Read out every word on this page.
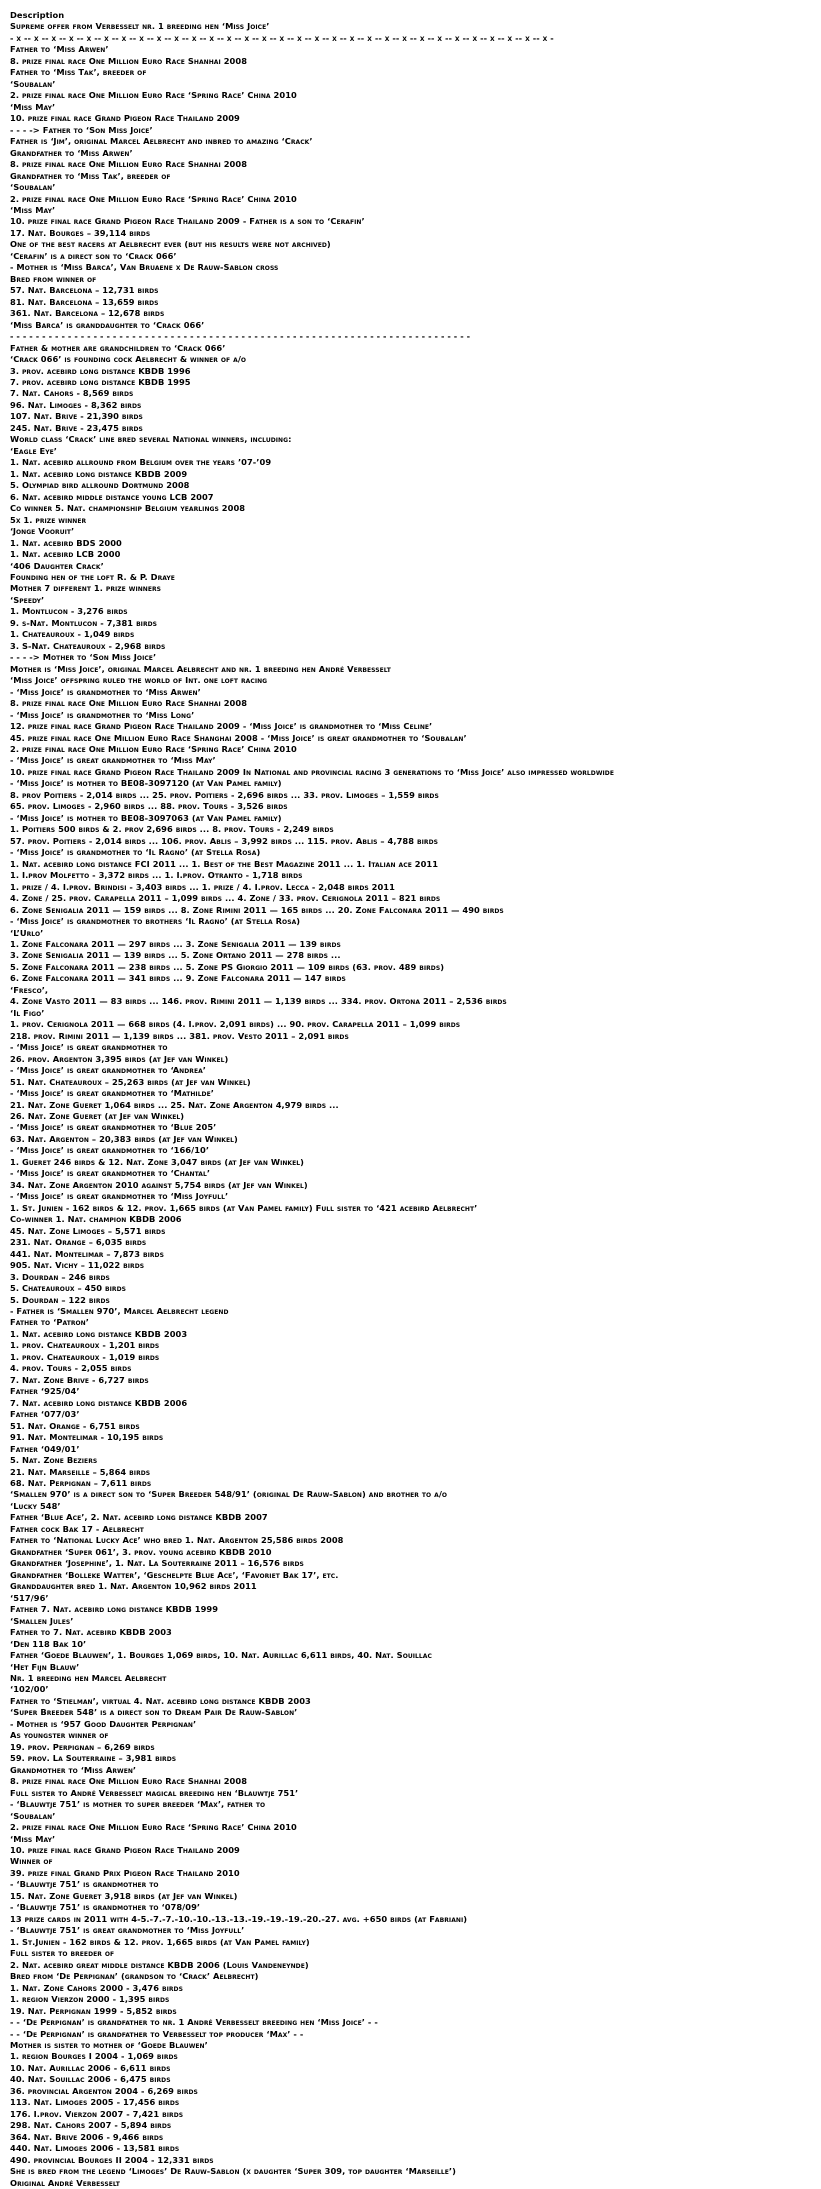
Description
Supreme offer from Verbesselt nr. 1 breeding hen ‘Miss Joice’
- x -- x -- x -- x -- x -- x -- x -- x -- x -- x -- x -- x -- x -- x -- x -- x -- x -- x -- x -- x -- x -- x -- x -- x -- x -- x -- x -- x -- x -- x -- x -
Father to ‘Miss Arwen’
8. prize final race One Million Euro Race Shanhai 2008
Father to ‘Miss Tak’, breeder of
‘Soubalan’
2. prize final race One Million Euro Race ‘Spring Race’ China 2010
‘Miss May’
10. prize final race Grand Pigeon Race Thailand 2009
- - - -> Father to ‘Son Miss Joice’
Father is ‘Jim’, original Marcel Aelbrecht and inbred to amazing ‘Crack’
Grandfather to ‘Miss Arwen’
8. prize final race One Million Euro Race Shanhai 2008
Grandfather to ‘Miss Tak’, breeder of
‘Soubalan’
2. prize final race One Million Euro Race ‘Spring Race’ China 2010
‘Miss May’
10. prize final race Grand Pigeon Race Thailand 2009 - Father is a son to ‘Cerafin’
17. Nat. Bourges – 39,114 birds
One of the best racers at Aelbrecht ever (but his results were not archived)
‘Cerafin’ is a direct son to ‘Crack 066’
- Mother is ‘Miss Barca’, Van Bruaene x De Rauw-Sablon cross
Bred from winner of
57. Nat. Barcelona – 12,731 birds
81. Nat. Barcelona – 13,659 birds
361. Nat. Barcelona – 12,678 birds
‘Miss Barca’ is granddaughter to ‘Crack 066’
- - - - - - - - - - - - - - - - - - - - - - - - - - - - - - - - - - - - - - - - - - - - - - - - - - - - - - - - - - - - - - - - - - - - - - - -
Father & mother are grandchildren to ‘Crack 066’
‘Crack 066’ is founding cock Aelbrecht & winner of a/o
3. prov. acebird long distance KBDB 1996
7. prov. acebird long distance KBDB 1995
7. Nat. Cahors - 8,569 birds
96. Nat. Limoges - 8,362 birds
107. Nat. Brive - 21,390 birds
245. Nat. Brive - 23,475 birds
World class ‘Crack’ line bred several National winners, including:
‘Eagle Eye’
1. Nat. acebird allround from Belgium over the years ’07-’09
1. Nat. acebird long distance KBDB 2009
5. Olympiad bird allround Dortmund 2008
6. Nat. acebird middle distance young LCB 2007
Co winner 5. Nat. championship Belgium yearlings 2008
5x 1. prize winner
‘Jonge Vooruit’
1. Nat. acebird BDS 2000
1. Nat. acebird LCB 2000
‘406 Daughter Crack’
Founding hen of the loft R. & P. Draye
Mother 7 different 1. prize winners
‘Speedy’
1. Montlucon - 3,276 birds
9. s-Nat. Montlucon - 7,381 birds
1. Chateauroux - 1,049 birds
3. S-Nat. Chateauroux - 2,968 birds
- - - -> Mother to ‘Son Miss Joice’
Mother is ‘Miss Joice’, original Marcel Aelbrecht and nr. 1 breeding hen André Verbesselt
‘Miss Joice’ offspring ruled the world of Int. one loft racing
- ‘Miss Joice’ is grandmother to ‘Miss Arwen’
8. prize final race One Million Euro Race Shanhai 2008
- ‘Miss Joice’ is grandmother to ‘Miss Long’
12. prize final race Grand Pigeon Race Thailand 2009 - ‘Miss Joice’ is grandmother to ‘Miss Celine’
45. prize final race One Million Euro Race Shanghai 2008 - ‘Miss Joice’ is great grandmother to ‘Soubalan’
2. prize final race One Million Euro Race ‘Spring Race’ China 2010
- ‘Miss Joice’ is great grandmother to ‘Miss May’
10. prize final race Grand Pigeon Race Thailand 2009 In National and provincial racing 3 generations to ‘Miss Joice’ also impressed worldwide
- ‘Miss Joice’ is mother to BE08-3097120 (at Van Pamel family)
8. prov Poitiers - 2,014 birds ... 25. prov. Poitiers - 2,696 birds ... 33. prov. Limoges – 1,559 birds
65. prov. Limoges - 2,960 birds ... 88. prov. Tours - 3,526 birds
- ‘Miss Joice’ is mother to BE08-3097063 (at Van Pamel family)
1. Poitiers 500 birds & 2. prov 2,696 birds ... 8. prov. Tours - 2,249 birds
57. prov. Poitiers - 2,014 birds ... 106. prov. Ablis – 3,992 birds ... 115. prov. Ablis – 4,788 birds
- ‘Miss Joice’ is grandmother to ‘Il Ragno’ (at Stella Rosa)
1. Nat. acebird long distance FCI 2011 ... 1. Best of the Best Magazine 2011 ... 1. Italian ace 2011
1. I.prov Molfetto - 3,372 birds ... 1. I.prov. Otranto - 1,718 birds
1. prize / 4. I.prov. Brindisi - 3,403 birds ... 1. prize / 4. I.prov. Lecca - 2,048 birds 2011
4. Zone / 25. prov. Carapella 2011 – 1,099 birds ... 4. Zone / 33. prov. Cerignola 2011 – 821 birds
6. Zone Senigalia 2011 — 159 birds ... 8. Zone Rimini 2011 — 165 birds ... 20. Zone Falconara 2011 — 490 birds
- ‘Miss Joice’ is grandmother to brothers ‘Il Ragno’ (at Stella Rosa)
‘L’Urlo’
1. Zone Falconara 2011 — 297 birds ... 3. Zone Senigalia 2011 — 139 birds
3. Zone Senigalia 2011 — 139 birds ... 5. Zone Ortano 2011 — 278 birds ...
5. Zone Falconara 2011 — 238 birds ... 5. Zone PS Giorgio 2011 — 109 birds (63. prov. 489 birds)
6. Zone Falconara 2011 — 341 birds ... 9. Zone Falconara 2011 — 147 birds
‘Fresco’,
4. Zone Vasto 2011 — 83 birds ... 146. prov. Rimini 2011 — 1,139 birds ... 334. prov. Ortona 2011 – 2,536 birds
‘Il Figo’
1. prov. Cerignola 2011 — 668 birds (4. I.prov. 2,091 birds) ... 90. prov. Carapella 2011 – 1,099 birds
218. prov. Rimini 2011 — 1,139 birds ... 381. prov. Vesto 2011 – 2,091 birds
- ‘Miss Joice’ is great grandmother to
26. prov. Argenton 3,395 birds (at Jef van Winkel)
- ‘Miss Joice’ is great grandmother to ‘Andrea’
51. Nat. Chateauroux – 25,263 birds (at Jef van Winkel)
- ‘Miss Joice’ is great grandmother to ‘Mathilde’
21. Nat. Zone Gueret 1,064 birds ... 25. Nat. Zone Argenton 4,979 birds ...
26. Nat. Zone Gueret (at Jef van Winkel)
- ‘Miss Joice’ is great grandmother to ‘Blue 205’
63. Nat. Argenton – 20,383 birds (at Jef van Winkel)
- ‘Miss Joice’ is great grandmother to ‘166/10’
1. Gueret 246 birds & 12. Nat. Zone 3,047 birds (at Jef van Winkel)
- ‘Miss Joice’ is great grandmother to ‘Chantal’
34. Nat. Zone Argenton 2010 against 5,754 birds (at Jef van Winkel)
- ‘Miss Joice’ is great grandmother to ‘Miss Joyfull’
1. St. Junien - 162 birds & 12. prov. 1,665 birds (at Van Pamel family) Full sister to ‘421 acebird Aelbrecht’
Co-winner 1. Nat. champion KBDB 2006
45. Nat. Zone Limoges – 5,571 birds
231. Nat. Orange – 6,035 birds
441. Nat. Montelimar – 7,873 birds
905. Nat. Vichy – 11,022 birds
3. Dourdan – 246 birds
5. Chateauroux – 450 birds
5. Dourdan – 122 birds
- Father is ‘Smallen 970’, Marcel Aelbrecht legend
Father to ‘Patron’
1. Nat. acebird long distance KBDB 2003
1. prov. Chateauroux - 1,201 birds
1. prov. Chateauroux - 1,019 birds
4. prov. Tours - 2,055 birds
7. Nat. Zone Brive - 6,727 birds
Father ‘925/04’
7. Nat. acebird long distance KBDB 2006
Father ‘077/03’
51. Nat. Orange - 6,751 birds
91. Nat. Montelimar - 10,195 birds
Father ‘049/01’
5. Nat. Zone Beziers
21. Nat. Marseille – 5,864 birds
68. Nat. Perpignan – 7,611 birds
‘Smallen 970’ is a direct son to ‘Super Breeder 548/91’ (original De Rauw-Sablon) and brother to a/o
‘Lucky 548’
Father ‘Blue Ace’, 2. Nat. acebird long distance KBDB 2007
Father cock Bak 17 - Aelbrecht
Father to ‘National Lucky Ace’ who bred 1. Nat. Argenton 25,586 birds 2008
Grandfather ‘Super 061’, 3. prov. young acebird KBDB 2010
Grandfather ‘Josephine’, 1. Nat. La Souterraine 2011 – 16,576 birds
Grandfather ‘Bolleke Watter’, ‘Geschelpte Blue Ace’, ‘Favoriet Bak 17’, etc.
Granddaughter bred 1. Nat. Argenton 10,962 birds 2011
‘517/96’
Father 7. Nat. acebird long distance KBDB 1999
‘Smallen Jules’
Father to 7. Nat. acebird KBDB 2003
‘Den 118 Bak 10’
Father ‘Goede Blauwen’, 1. Bourges 1,069 birds, 10. Nat. Aurillac 6,611 birds, 40. Nat. Souillac
‘Het Fijn Blauw’
Nr. 1 breeding hen Marcel Aelbrecht
‘102/00’
Father to ‘Stielman’, virtual 4. Nat. acebird long distance KBDB 2003
‘Super Breeder 548’ is a direct son to Dream Pair De Rauw-Sablon’
- Mother is ‘957 Good Daughter Perpignan’
As youngster winner of
19. prov. Perpignan – 6,269 birds
59. prov. La Souterraine – 3,981 birds
Grandmother to ‘Miss Arwen’
8. prize final race One Million Euro Race Shanhai 2008
Full sister to André Verbesselt magical breeding hen ‘Blauwtje 751’
- ‘Blauwtje 751’ is mother to super breeder ‘Max’, father to
‘Soubalan’
2. prize final race One Million Euro Race ‘Spring Race’ China 2010
‘Miss May’
10. prize final race Grand Pigeon Race Thailand 2009
Winner of
39. prize final Grand Prix Pigeon Race Thailand 2010
- ‘Blauwtje 751’ is grandmother to
15. Nat. Zone Gueret 3,918 birds (at Jef van Winkel)
- ‘Blauwtje 751’ is grandmother to ‘078/09’
13 prize cards in 2011 with 4-5.-7.-7.-10.-10.-13.-13.-19.-19.-19.-20.-27. avg. +650 birds (at Fabriani)
- ‘Blauwtje 751’ is great grandmother to ‘Miss Joyfull’
1. St.Junien - 162 birds & 12. prov. 1,665 birds (at Van Pamel family)
Full sister to breeder of
2. Nat. acebird great middle distance KBDB 2006 (Louis Vandeneynde)
Bred from ‘De Perpignan’ (grandson to ‘Crack’ Aelbrecht)
1. Nat. Zone Cahors 2000 - 3,476 birds
1. region Vierzon 2000 - 1,395 birds
19. Nat. Perpignan 1999 - 5,852 birds
- - ‘De Perpignan’ is grandfather to nr. 1 André Verbesselt breeding hen ‘Miss Joice’ - -
- - ‘De Perpignan’ is grandfather to Verbesselt top producer ‘Max’ - -
Mother is sister to mother of ‘Goede Blauwen’
1. region Bourges I 2004 - 1,069 birds
10. Nat. Aurillac 2006 - 6,611 birds
40. Nat. Souillac 2006 - 6,475 birds
36. provincial Argenton 2004 - 6,269 birds
113. Nat. Limoges 2005 - 17,456 birds
176. I.prov. Vierzon 2007 - 7,421 birds
298. Nat. Cahors 2007 - 5,894 birds
364. Nat. Brive 2006 - 9,466 birds
440. Nat. Limoges 2006 - 13,581 birds
490. provincial Bourges II 2004 - 12,331 birds
She is bred from the legend ‘Limoges’ De Rauw-Sablon (x daughter ‘Super 309, top daughter ‘Marseille’)
Original André Verbesselt
